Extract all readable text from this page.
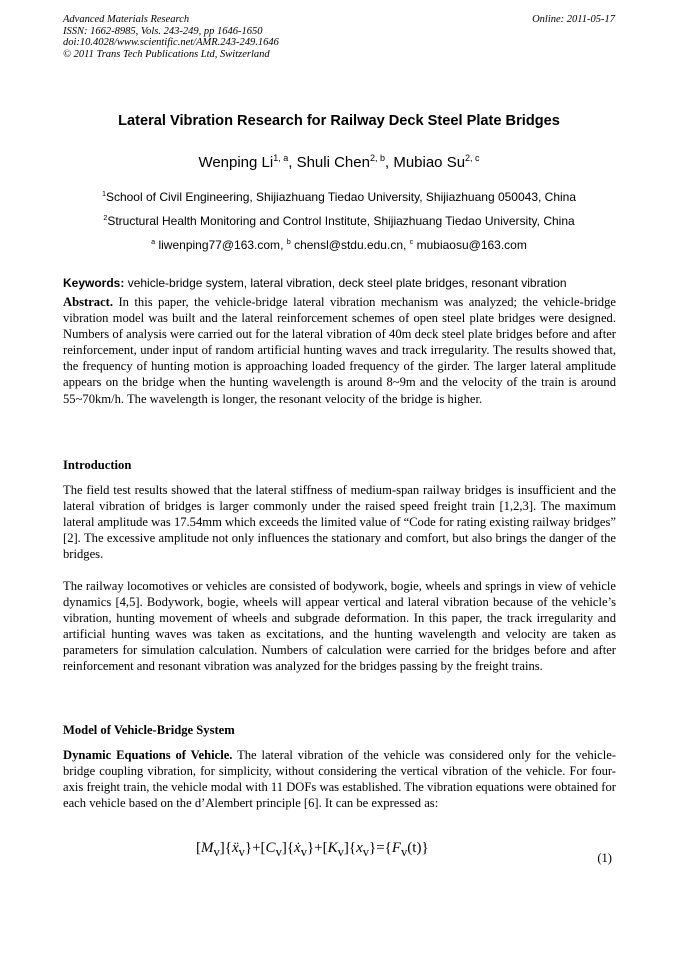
Advanced Materials Research
ISSN: 1662-8985, Vols. 243-249, pp 1646-1650
doi:10.4028/www.scientific.net/AMR.243-249.1646
© 2011 Trans Tech Publications Ltd, Switzerland
Online: 2011-05-17
Lateral Vibration Research for Railway Deck Steel Plate Bridges
Wenping Li$^{1, a}$, Shuli Chen$^{2, b}$, Mubiao Su$^{2, c}$
$^1$School of Civil Engineering, Shijiazhuang Tiedao University, Shijiazhuang 050043, China
$^2$Structural Health Monitoring and Control Institute, Shijiazhuang Tiedao University, China
$^a$ liwenping77@163.com, $^b$ chensl@stdu.edu.cn, $^c$ mubiaosu@163.com
Keywords: vehicle-bridge system, lateral vibration, deck steel plate bridges, resonant vibration
Abstract. In this paper, the vehicle-bridge lateral vibration mechanism was analyzed; the vehicle-bridge vibration model was built and the lateral reinforcement schemes of open steel plate bridges were designed. Numbers of analysis were carried out for the lateral vibration of 40m deck steel plate bridges before and after reinforcement, under input of random artificial hunting waves and track irregularity. The results showed that, the frequency of hunting motion is approaching loaded frequency of the girder. The larger lateral amplitude appears on the bridge when the hunting wavelength is around 8~9m and the velocity of the train is around 55~70km/h. The wavelength is longer, the resonant velocity of the bridge is higher.
Introduction
The field test results showed that the lateral stiffness of medium-span railway bridges is insufficient and the lateral vibration of bridges is larger commonly under the raised speed freight train [1,2,3]. The maximum lateral amplitude was 17.54mm which exceeds the limited value of “Code for rating existing railway bridges” [2]. The excessive amplitude not only influences the stationary and comfort, but also brings the danger of the bridges.
The railway locomotives or vehicles are consisted of bodywork, bogie, wheels and springs in view of vehicle dynamics [4,5]. Bodywork, bogie, wheels will appear vertical and lateral vibration because of the vehicle’s vibration, hunting movement of wheels and subgrade deformation. In this paper, the track irregularity and artificial hunting waves was taken as excitations, and the hunting wavelength and velocity are taken as parameters for simulation calculation. Numbers of calculation were carried for the bridges before and after reinforcement and resonant vibration was analyzed for the bridges passing by the freight trains.
Model of Vehicle-Bridge System
Dynamic Equations of Vehicle. The lateral vibration of the vehicle was considered only for the vehicle-bridge coupling vibration, for simplicity, without considering the vertical vibration of the vehicle. For four-axis freight train, the vehicle modal with 11 DOFs was established. The vibration equations were obtained for each vehicle based on the d’Alembert principle [6]. It can be expressed as:
$[M_v]\{ẍ_v\}+[C_v]\{ẋ_v\}+[K_v]\{x_v\}=\{F_v(t)\}$
(1)
